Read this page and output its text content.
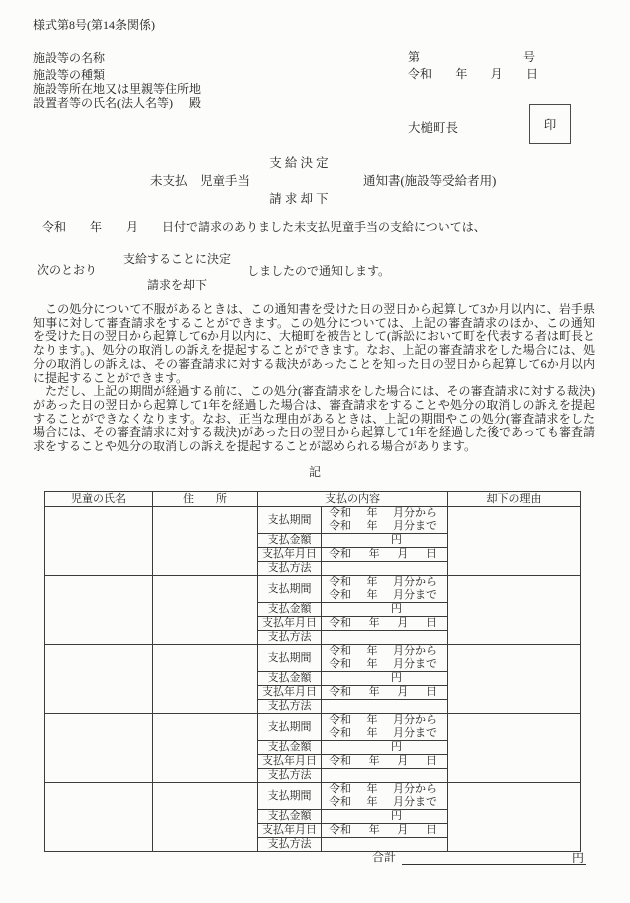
様式第8号(第14条関係)
施設等の名称
施設等の種類
施設等所在地又は里親等住所地
設置者等の氏名(法人名等) 殿
第	号
令和 年 月 日
大槌町長	印
支 給 決 定
未支払　児童手当	通知書(施設等受給者用)
請 求 却 下
令和　　年　　月　　日付で請求のありました未支払児童手当の支給については、
次のとおり
支給することに決定
請求を却下
しましたので通知します。

　この処分について不服があるときは、この通知書を受けた日の翌日から起算して3か月以内に、岩手県知事に対して審査請求をすることができます。この処分については、上記の審査請求のほか、この通知を受けた日の翌日から起算して6か月以内に、大槌町を被告として(訴訟において町を代表する者は町長となります。)、処分の取消しの訴えを提起することができます。なお、上記の審査請求をした場合には、処分の取消しの訴えは、その審査請求に対する裁決があったことを知った日の翌日から起算して6か月以内に提起することができます。

　ただし、上記の期間が経過する前に、この処分(審査請求をした場合には、その審査請求に対する裁決)があった日の翌日から起算して1年を経過した場合は、審査請求をすることや処分の取消しの訴えを提起することができなくなります。なお、正当な理由があるときは、上記の期間やこの処分(審査請求をした場合には、その審査請求に対する裁決)があった日の翌日から起算して1年を経過した後であっても審査請求をすることや処分の取消しの訴えを提起することが認められる場合があります。

記
児童の氏名	住　　所	支払の内容		却下の理由
		支払期間	
令和 年 月分から
令和 年 月分まで

		支払金額	円	
		支払年月日	令和 年 月 日	

		支払方法		
		支払期間	
令和 年 月分から
令和 年 月分まで

		支払金額	円	
		支払年月日	令和 年 月 日	

		支払方法		
		支払期間	
令和 年 月分から
令和 年 月分まで

		支払金額	円	
		支払年月日	令和 年 月 日	

		支払方法		
		支払期間	
令和 年 月分から
令和 年 月分まで

		支払金額	円	
		支払年月日	令和 年 月 日	

		支払方法		
		支払期間	
令和 年 月分から
令和 年 月分まで

		支払金額	円	
		支払年月日	令和 年 月 日	

		支払方法		
合計	円
